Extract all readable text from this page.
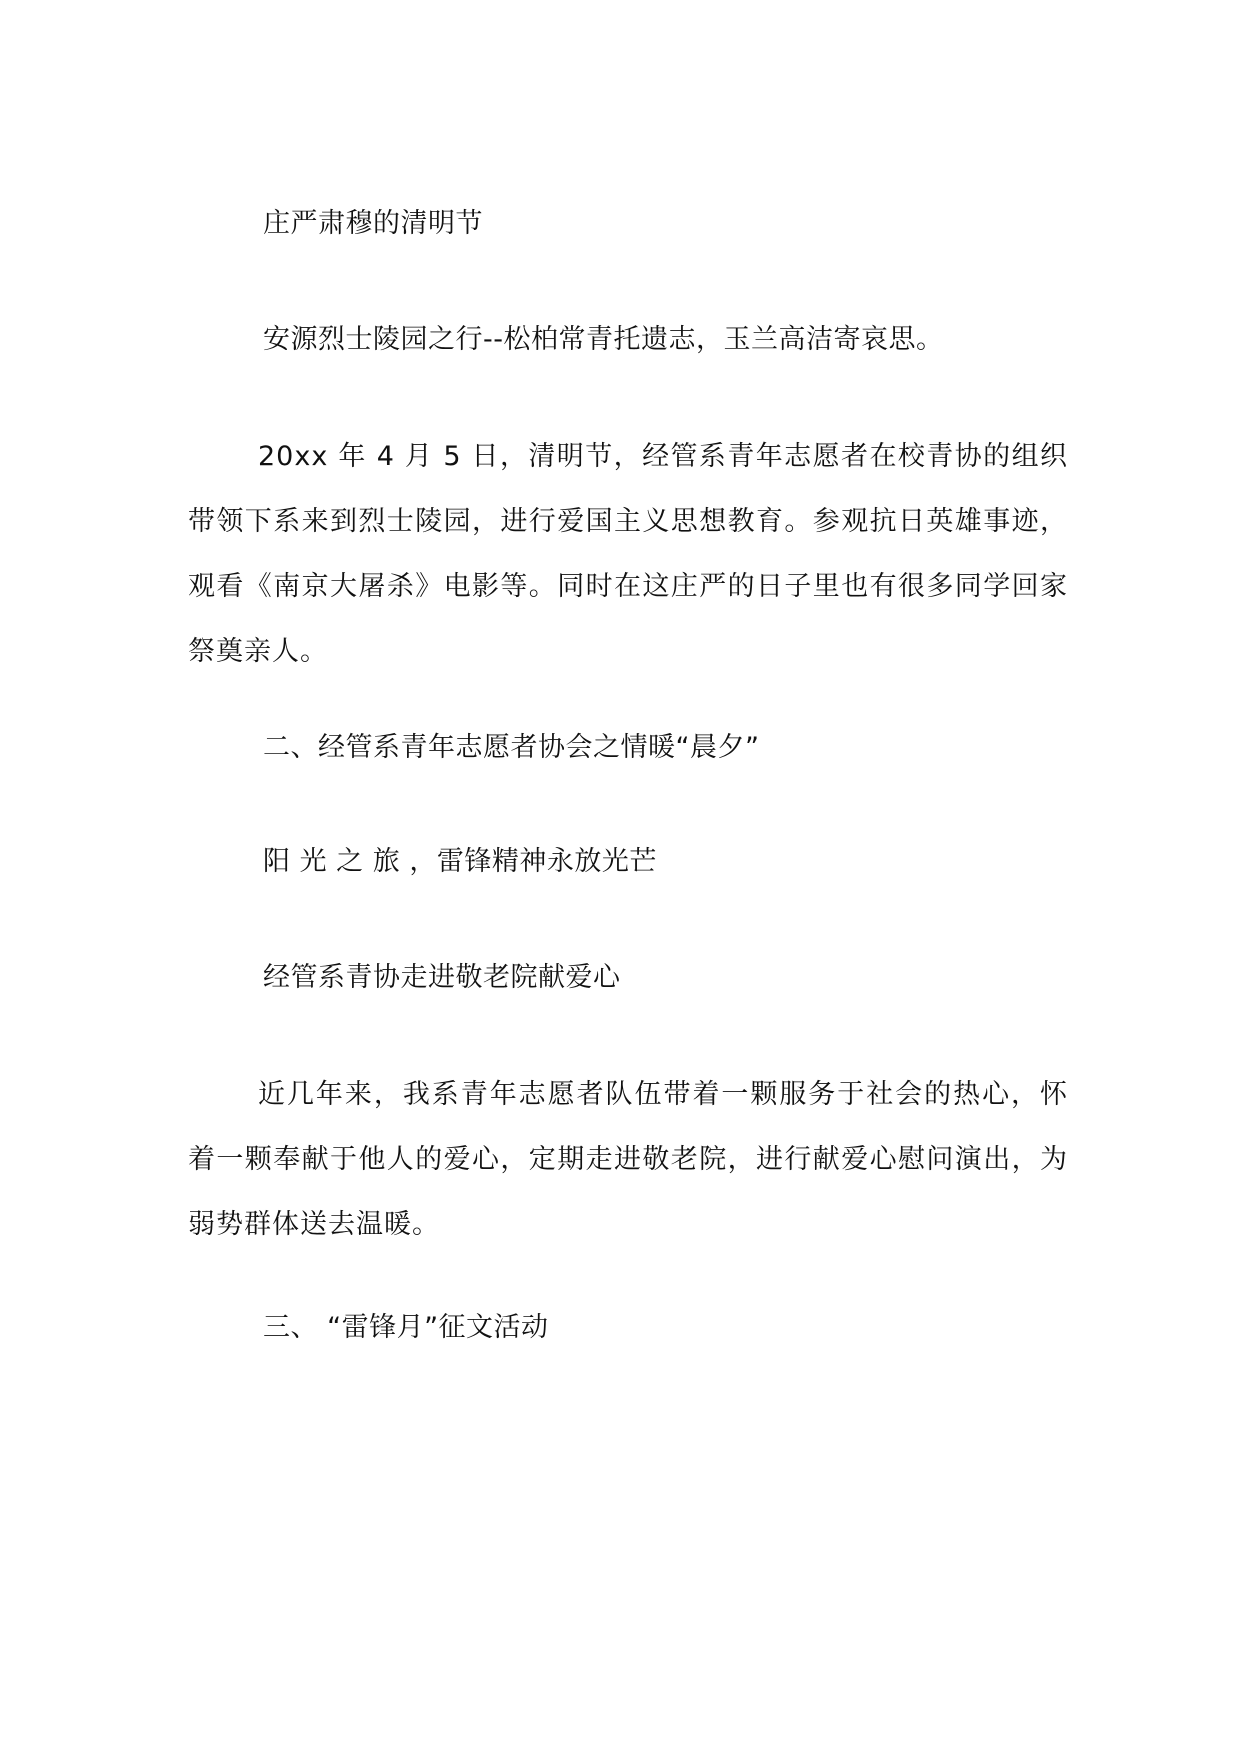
庄严肃穆的清明节
安源烈士陵园之行--松柏常青托遗志，玉兰高洁寄哀思。
20xx 年 4 月 5 日，清明节，经管系青年志愿者在校青协的组织带领下系来到烈士陵园，进行爱国主义思想教育。参观抗日英雄事迹，观看《南京大屠杀》电影等。同时在这庄严的日子里也有很多同学回家祭奠亲人。
二、经管系青年志愿者协会之情暖“晨夕”
阳 光 之 旅 ，雷锋精神永放光芒
经管系青协走进敬老院献爱心
近几年来，我系青年志愿者队伍带着一颗服务于社会的热心，怀着一颗奉献于他人的爱心，定期走进敬老院，进行献爱心慰问演出，为弱势群体送去温暖。
三、 “雷锋月”征文活动
